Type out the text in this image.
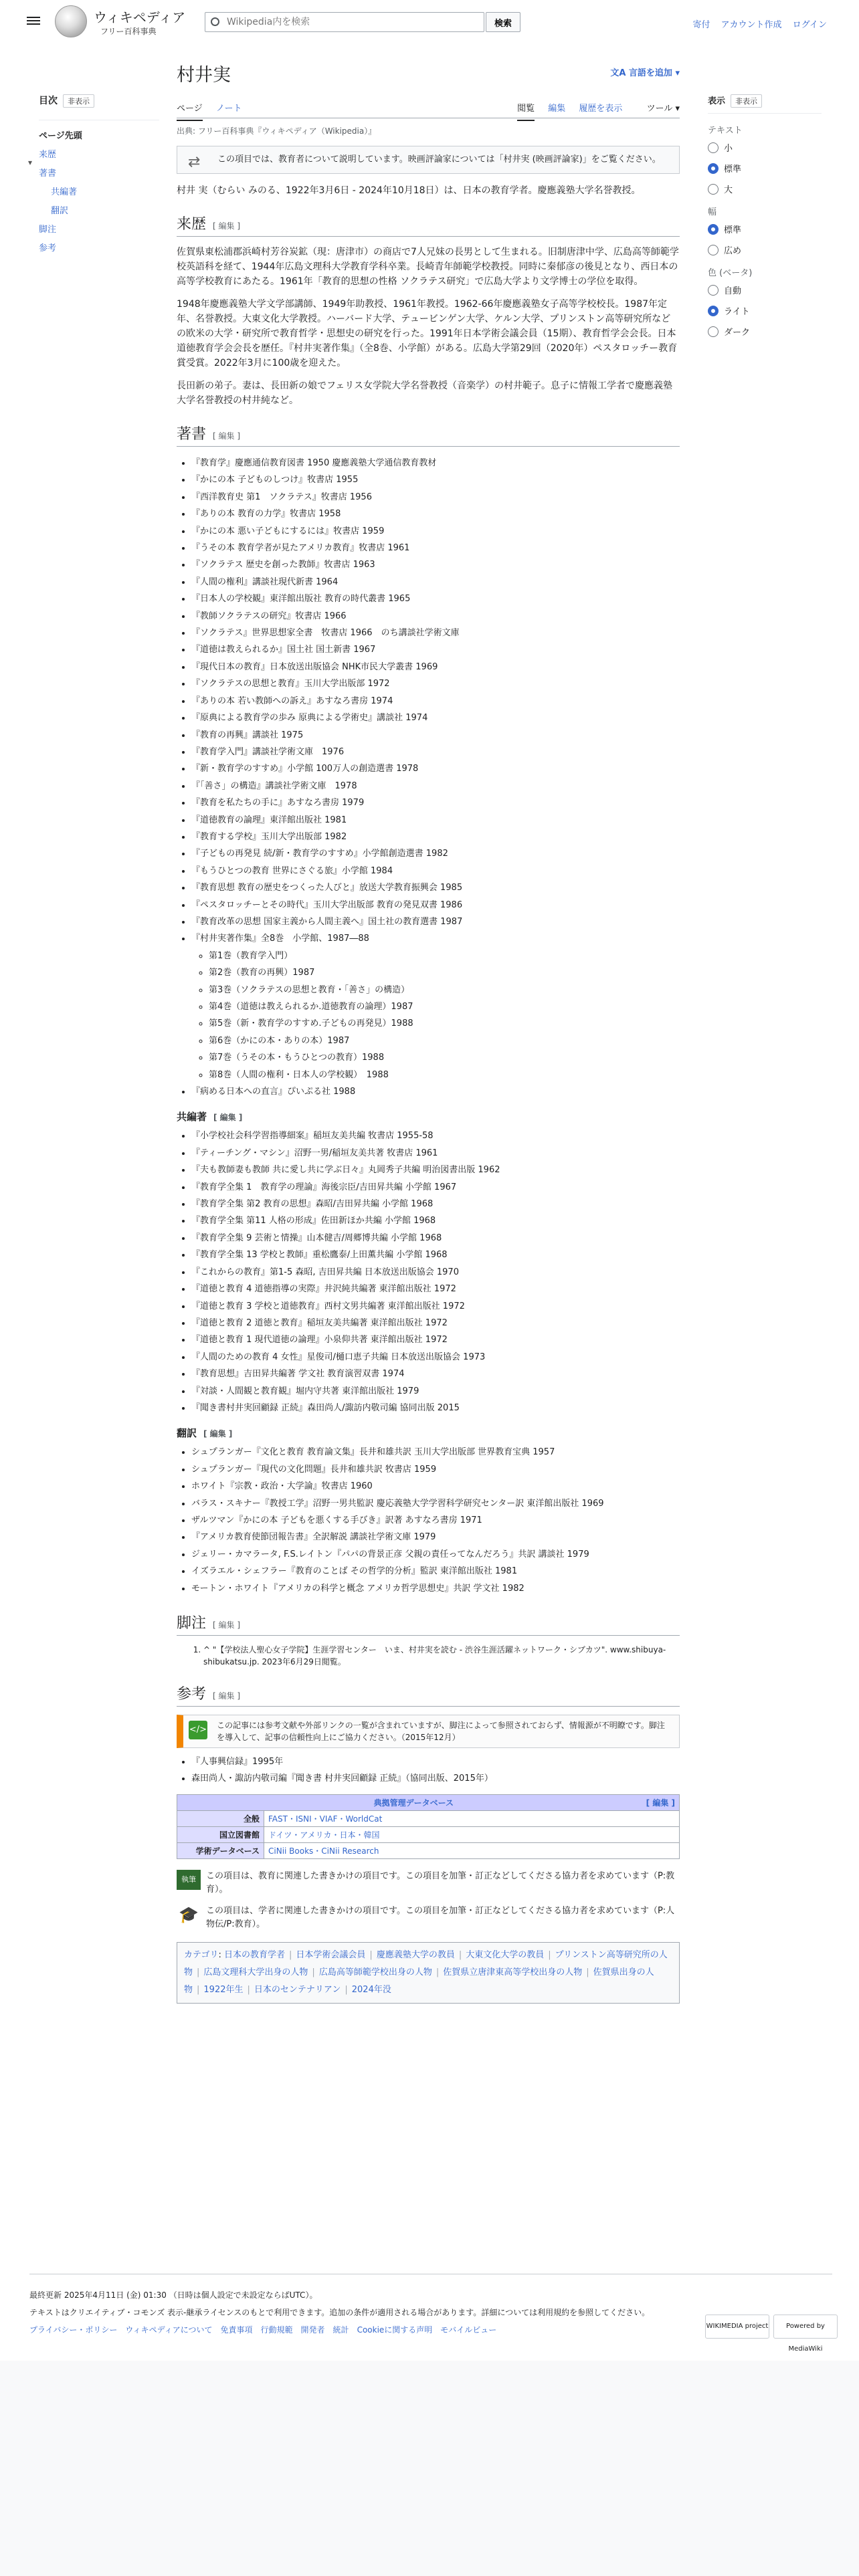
ウィキペディア
フリー百科事典
Wikipedia内を検索
検索	寄付 アカウント作成 ログイン
目次 非表示
▾
ページ先頭
来歴
著書
共編著
翻訳
脚注
参考
表示 非表示
テキスト
小
標準
大
幅
標準
広め
色 (ベータ)
自動
ライト
ダーク
村井実	文A 言語を追加 ▾
ページ ノート	閲覧 編集 履歴を表示	ツール ▾
出典: フリー百科事典『ウィキペディア（Wikipedia）』
⇄ この項目では、教育者について説明しています。映画評論家については「村井実 (映画評論家)」をご覧ください。

村井 実（むらい みのる、1922年3月6日 - 2024年10月18日）は、日本の教育学者。慶應義塾大学名誉教授。

来歴 [ 編集 ]

佐賀県東松浦郡浜崎村芳谷炭鉱（現：唐津市）の商店で7人兄妹の長男として生まれる。旧制唐津中学、広島高等師範学校英語科を経て、1944年広島文理科大学教育学科卒業。長崎青年師範学校教授。同時に秦郁彦の後見となり、西日本の高等学校教育にあたる。1961年「教育的思想の性格 ソクラテス研究」で広島大学より文学博士の学位を取得。

1948年慶應義塾大学文学部講師、1949年助教授、1961年教授。1962-66年慶應義塾女子高等学校校長。1987年定年、名誉教授。大東文化大学教授。ハーバード大学、テュービンゲン大学、ケルン大学、プリンストン高等研究所などの欧米の大学・研究所で教育哲学・思想史の研究を行った。1991年日本学術会議会員（15期）、教育哲学会会長。日本道徳教育学会会長を歴任。『村井実著作集』（全8巻、小学館）がある。広島大学第29回（2020年）ペスタロッチー教育賞受賞。2022年3月に100歳を迎えた。

長田新の弟子。妻は、長田新の娘でフェリス女学院大学名誉教授（音楽学）の村井範子。息子に情報工学者で慶應義塾大学名誉教授の村井純など。

著書 [ 編集 ]
• 『教育学』慶應通信教育図書 1950 慶應義塾大学通信教育教材
• 『かにの本 子どものしつけ』牧書店 1955
• 『西洋教育史 第1　ソクラテス』牧書店 1956
• 『ありの本 教育の力学』牧書店 1958
• 『かにの本 悪い子どもにするには』牧書店 1959
• 『うその本 教育学者が見たアメリカ教育』牧書店 1961
• 『ソクラテス 歴史を創った教師』牧書店 1963
• 『人間の権利』講談社現代新書 1964
• 『日本人の学校観』東洋館出版社 教育の時代叢書 1965
• 『教師ソクラテスの研究』牧書店 1966
• 『ソクラテス』世界思想家全書　牧書店 1966　のち講談社学術文庫
• 『道徳は教えられるか』国土社 国土新書 1967
• 『現代日本の教育』日本放送出版協会 NHK市民大学叢書 1969
• 『ソクラテスの思想と教育』玉川大学出版部 1972
• 『ありの本 若い教師への訴え』あすなろ書房 1974
• 『原典による教育学の歩み 原典による学術史』講談社 1974
• 『教育の再興』講談社 1975
• 『教育学入門』講談社学術文庫　1976
• 『新・教育学のすすめ』小学館 100万人の創造選書 1978
• 『「善さ」の構造』講談社学術文庫　1978
• 『教育を私たちの手に』あすなろ書房 1979
• 『道徳教育の論理』東洋館出版社 1981
• 『教育する学校』玉川大学出版部 1982
• 『子どもの再発見 続/新・教育学のすすめ』小学館創造選書 1982
• 『もうひとつの教育 世界にさぐる旅』小学館 1984
• 『教育思想 教育の歴史をつくった人びと』放送大学教育振興会 1985
• 『ペスタロッチーとその時代』玉川大学出版部 教育の発見双書 1986
• 『教育改革の思想 国家主義から人間主義へ』国土社の教育選書 1987
• 『村井実著作集』全8巻　小学館、1987―88
◦ 第1巻（教育学入門）
◦ 第2巻（教育の再興）1987
◦ 第3巻（ソクラテスの思想と教育・「善さ」の構造）
◦ 第4巻（道徳は教えられるか.道徳教育の論理）1987
◦ 第5巻（新・教育学のすすめ.子どもの再発見）1988
◦ 第6巻（かにの本・ありの本）1987
◦ 第7巻（うその本・もうひとつの教育）1988
◦ 第8巻（人間の権利・日本人の学校観）　1988
• 『病める日本への直言』ぴいぷる社 1988
共編著 [ 編集 ]
• 『小学校社会科学習指導細案』稲垣友美共編 牧書店 1955-58
• 『ティーチング・マシン』沼野一男/稲垣友美共著 牧書店 1961
• 『夫も教師妻も教師 共に愛し共に学ぶ日々』丸岡秀子共編 明治図書出版 1962
• 『教育学全集 1　教育学の理論』海後宗臣/吉田昇共編 小学館 1967
• 『教育学全集 第2 教育の思想』森昭/吉田昇共編 小学館 1968
• 『教育学全集 第11 人格の形成』佐田新ほか共編 小学館 1968
• 『教育学全集 9 芸術と情操』山本健吉/周郷博共編 小学館 1968
• 『教育学全集 13 学校と教師』重松鷹泰/上田薫共編 小学館 1968
• 『これからの教育』第1-5 森昭, 吉田昇共編 日本放送出版協会 1970
• 『道徳と教育 4 道徳指導の実際』井沢純共編著 東洋館出版社 1972
• 『道徳と教育 3 学校と道徳教育』西村文男共編著 東洋館出版社 1972
• 『道徳と教育 2 道徳と教育』稲垣友美共編著 東洋館出版社 1972
• 『道徳と教育 1 現代道徳の論理』小泉仰共著 東洋館出版社 1972
• 『人間のための教育 4 女性』星俊司/樋口恵子共編 日本放送出版協会 1973
• 『教育思想』吉田昇共編著 学文社 教育演習双書 1974
• 『対談・人間観と教育観』堀内守共著 東洋館出版社 1979
• 『聞き書村井実回顧録 正続』森田尚人/諏訪内敬司編 協同出版 2015
翻訳 [ 編集 ]
• シュプランガー『文化と教育 教育論文集』長井和雄共訳 玉川大学出版部 世界教育宝典 1957
• シュプランガー『現代の文化問題』長井和雄共訳 牧書店 1959
• ホワイト『宗教・政治・大学論』牧書店 1960
• バラス・スキナー『教授工学』沼野一男共監訳 慶応義塾大学学習科学研究センター訳 東洋館出版社 1969
• ザルツマン『かにの本 子どもを悪くする手びき』訳著 あすなろ書房 1971
• 『アメリカ教育使節団報告書』全訳解説 講談社学術文庫 1979
• ジェリー・カマラータ, F.S.レイトン『パパの背景正彦 父親の責任ってなんだろう』共訳 講談社 1979
• イズラエル・シェフラー『教育のことば その哲学的分析』監訳 東洋館出版社 1981
• モートン・ホワイト『アメリカの科学と概念 アメリカ哲学思想史』共訳 学文社 1982
脚注 [ 編集 ]
1. ^ "【学校法人聖心女子学院】生涯学習センター　いま、村井実を読む - 渋谷生涯活躍ネットワーク・シブカツ". www.shibuya-shibukatsu.jp. 2023年6月29日閲覧。
参考 [ 編集 ]
</> この記事には参考文献や外部リンクの一覧が含まれていますが、脚注によって参照されておらず、情報源が不明瞭です。脚注を導入して、記事の信頼性向上にご協力ください。（2015年12月）
• 『人事興信録』1995年
• 森田尚人・諏訪内敬司編『聞き書 村井実回顧録 正続』（協同出版、2015年）
典拠管理データベース [ 編集 ]	

全般	FAST・ISNI・VIAF・WorldCat
国立図書館	ドイツ・アメリカ・日本・韓国
学術データベース	CiNii Books・CiNii Research
執筆	この項目は、教育に関連した書きかけの項目です。この項目を加筆・訂正などしてくださる協力者を求めています（P:教育）。
🎓 この項目は、学者に関連した書きかけの項目です。この項目を加筆・訂正などしてくださる協力者を求めています（P:人物伝/P:教育）。
カテゴリ: 日本の教育学者 | 日本学術会議会員 | 慶應義塾大学の教員 | 大東文化大学の教員 | プリンストン高等研究所の人物 | 広島文理科大学出身の人物 | 広島高等師範学校出身の人物 | 佐賀県立唐津東高等学校出身の人物 | 佐賀県出身の人物 | 1922年生 | 日本のセンテナリアン | 2024年没

最終更新 2025年4月11日 (金) 01:30 （日時は個人設定で未設定ならばUTC）。

テキストはクリエイティブ・コモンズ 表示-継承ライセンスのもとで利用できます。追加の条件が適用される場合があります。詳細については利用規約を参照してください。

プライバシー・ポリシー ウィキペディアについて 免責事項 行動規範 開発者 統計 Cookieに関する声明 モバイルビュー	WIKIMEDIA project	Powered by MediaWiki
